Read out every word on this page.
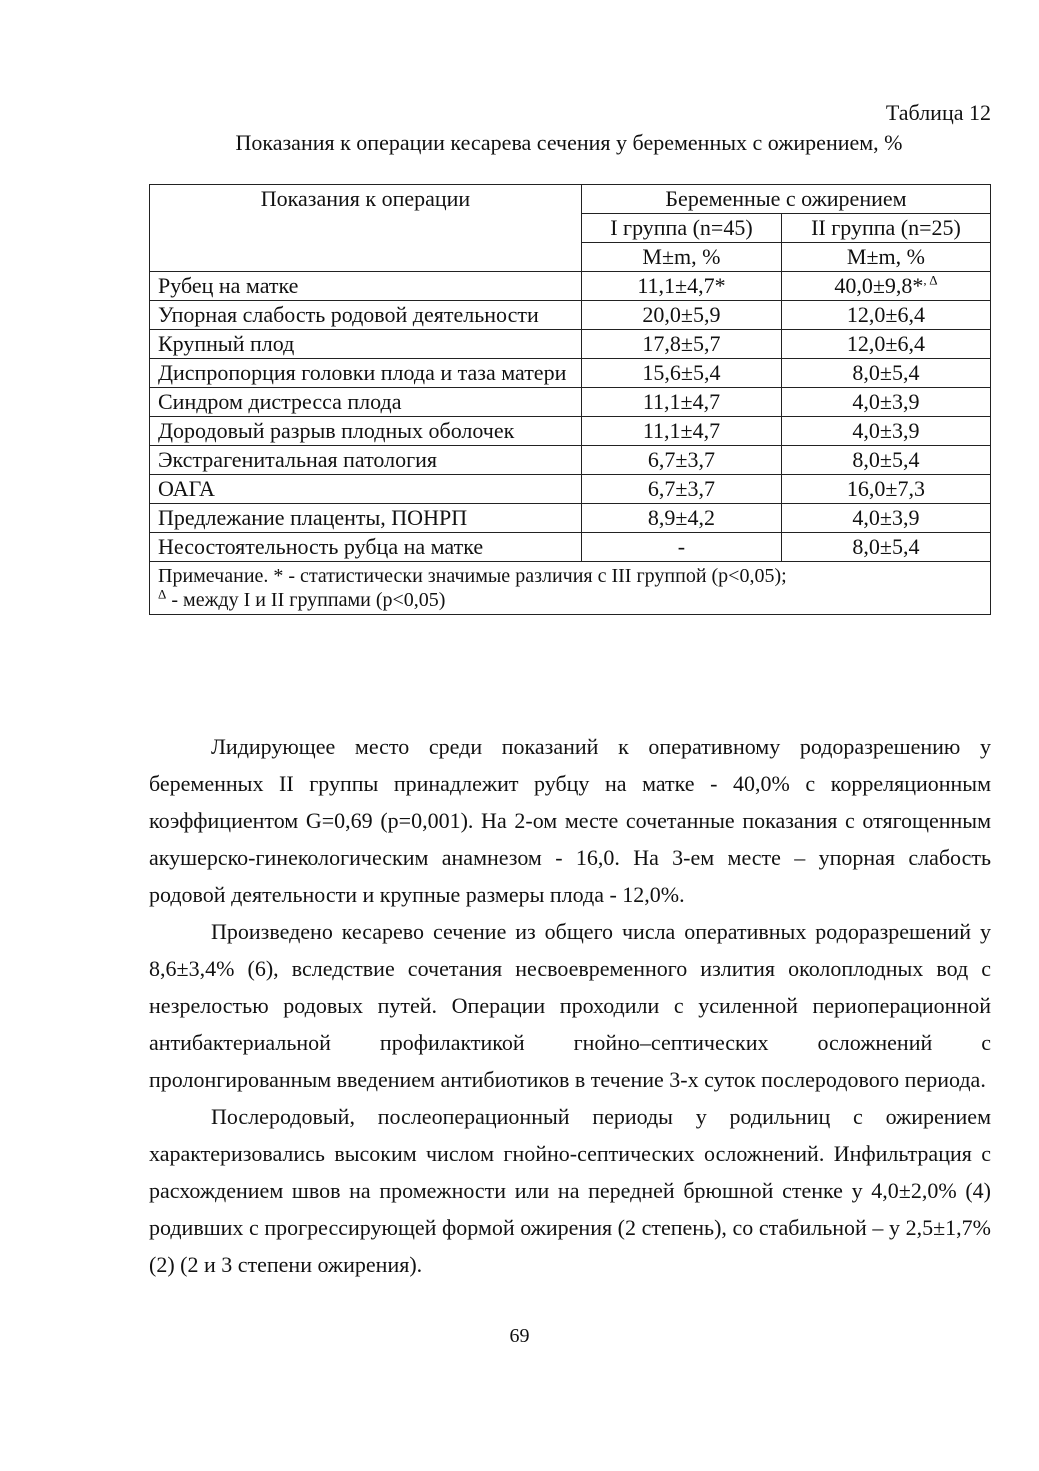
Таблица 12
Показания к операции кесарева сечения у беременных с ожирением, %
Показания к операции	Беременные с ожирением	
	I группа (n=45)	II группа (n=25)
	M±m, %	M±m, %
Рубец на матке	11,1±4,7*	40,0±9,8*$^{, \Delta}$
Упорная слабость родовой деятельности	20,0±5,9	12,0±6,4
Крупный плод	17,8±5,7	12,0±6,4
Диспропорция головки плода и таза матери	15,6±5,4	8,0±5,4
Синдром дистресса плода	11,1±4,7	4,0±3,9
Дородовый разрыв плодных оболочек	11,1±4,7	4,0±3,9
Экстрагенитальная патология	6,7±3,7	8,0±5,4
ОАГА	6,7±3,7	16,0±7,3
Предлежание плаценты, ПОНРП	8,9±4,2	4,0±3,9
Несостоятельность рубца на матке	-	8,0±5,4

Примечание. * - статистически значимые различия с III группой (p<0,05);
$^\Delta$ - между I и II группами (p<0,05)		

Лидирующее место среди показаний к оперативному родоразрешению у беременных II группы принадлежит рубцу на матке - 40,0% с корреляционным коэффициентом G=0,69 (p=0,001). На 2-ом месте сочетанные показания с отягощенным акушерско-гинекологическим анамнезом - 16,0. На 3-ем месте – упорная слабость родовой деятельности и крупные размеры плода - 12,0%.

Произведено кесарево сечение из общего числа оперативных родоразрешений у 8,6±3,4% (6), вследствие сочетания несвоевременного излития околоплодных вод с незрелостью родовых путей. Операции проходили с усиленной периоперационной антибактериальной профилактикой гнойно–септических осложнений с пролонгированным введением антибиотиков в течение 3-х суток послеродового периода.

Послеродовый, послеоперационный периоды у родильниц с ожирением характеризовались высоким числом гнойно-септических осложнений. Инфильтрация с расхождением швов на промежности или на передней брюшной стенке у 4,0±2,0% (4) родивших с прогрессирующей формой ожирения (2 степень), со стабильной – у 2,5±1,7% (2) (2 и 3 степени ожирения).

69
